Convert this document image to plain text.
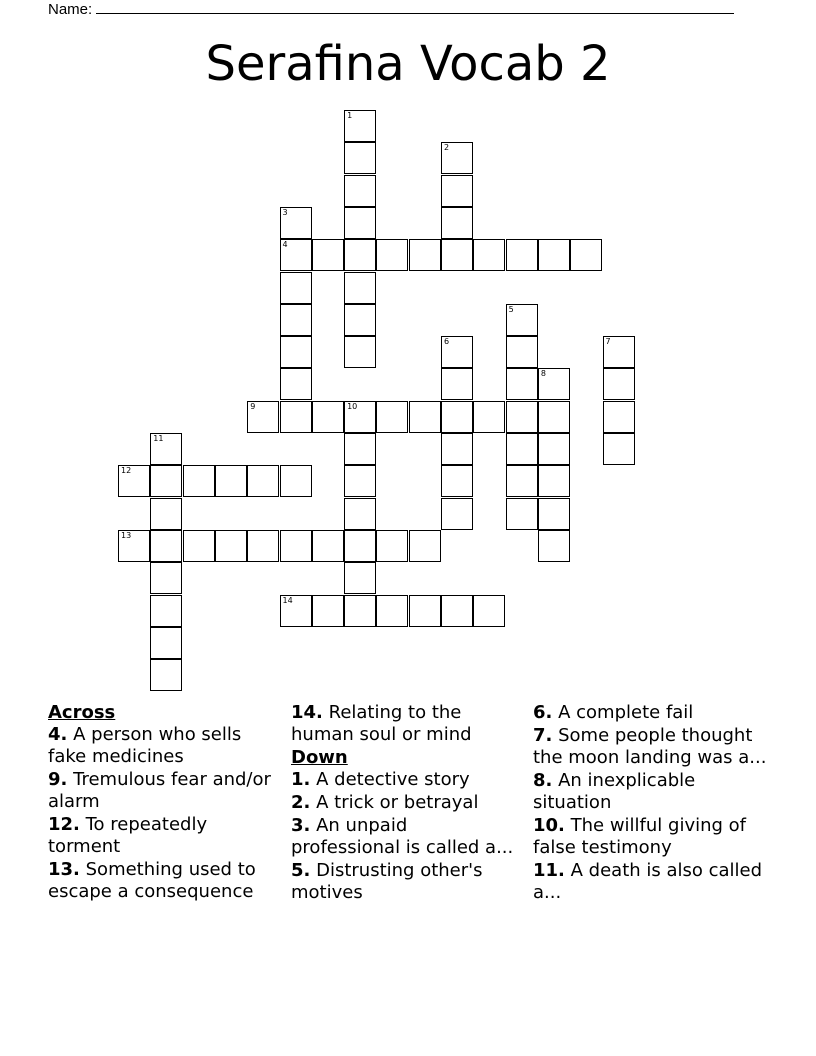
Name:
Serafina Vocab 2
1
2
3
4
5
6	7
8
9	10
11
12
13
14
Across
4. A person who sells fake medicines
9. Tremulous fear and/or alarm
12. To repeatedly torment
13. Something used to escape a consequence
14. Relating to the human soul or mind
Down
1. A detective story
2. A trick or betrayal
3. An unpaid professional is called a...
5. Distrusting other's motives
6. A complete fail
7. Some people thought the moon landing was a...
8. An inexplicable situation
10. The willful giving of false testimony
11. A death is also called a...
